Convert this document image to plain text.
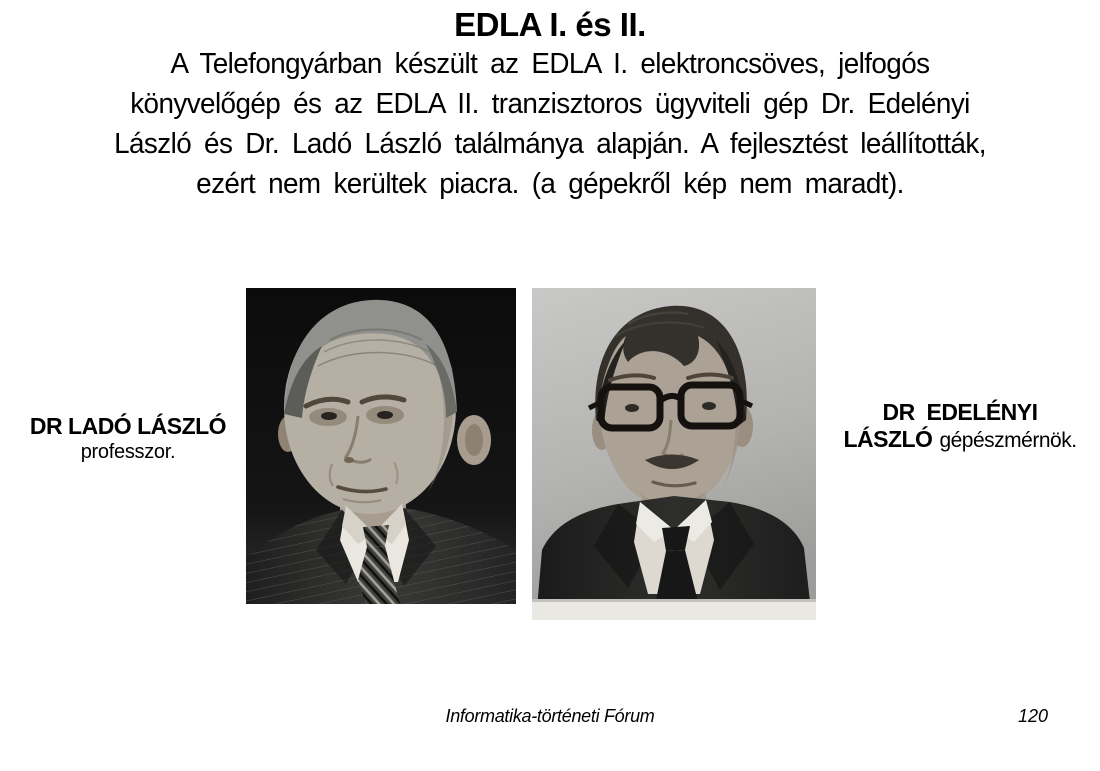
EDLA I. és II.
A Telefongyárban készült az EDLA I. elektroncsöves, jelfogós
könyvelőgép és az EDLA II. tranzisztoros ügyviteli gép Dr. Edelényi
László és Dr. Ladó László találmánya alapján. A fejlesztést leállították,
ezért nem kerültek piacra. (a gépekről kép nem maradt).
DR LADÓ LÁSZLÓ
professzor.
DR  EDELÉNYI
LÁSZLÓ gépészmérnök.
Informatika-történeti Fórum	120
